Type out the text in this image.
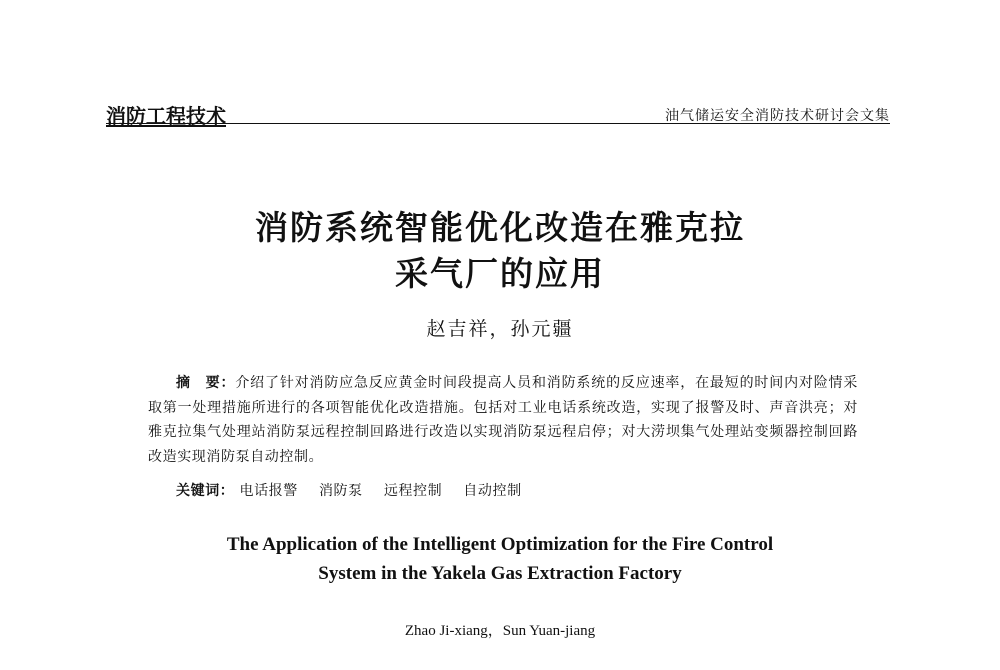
消防工程技术	油气储运安全消防技术研讨会文集
消防系统智能优化改造在雅克拉
采气厂的应用
赵吉祥，孙元疆
摘　要：介绍了针对消防应急反应黄金时间段提高人员和消防系统的反应速率，在最短的时间内对险情采取第一处理措施所进行的各项智能优化改造措施。包括对工业电话系统改造，实现了报警及时、声音洪亮；对雅克拉集气处理站消防泵远程控制回路进行改造以实现消防泵远程启停；对大涝坝集气处理站变频器控制回路改造实现消防泵自动控制。
关键词： 电话报警 消防泵 远程控制 自动控制
The Application of the Intelligent Optimization for the Fire Control
System in the Yakela Gas Extraction Factory
Zhao Ji-xiang，Sun Yuan-jiang
